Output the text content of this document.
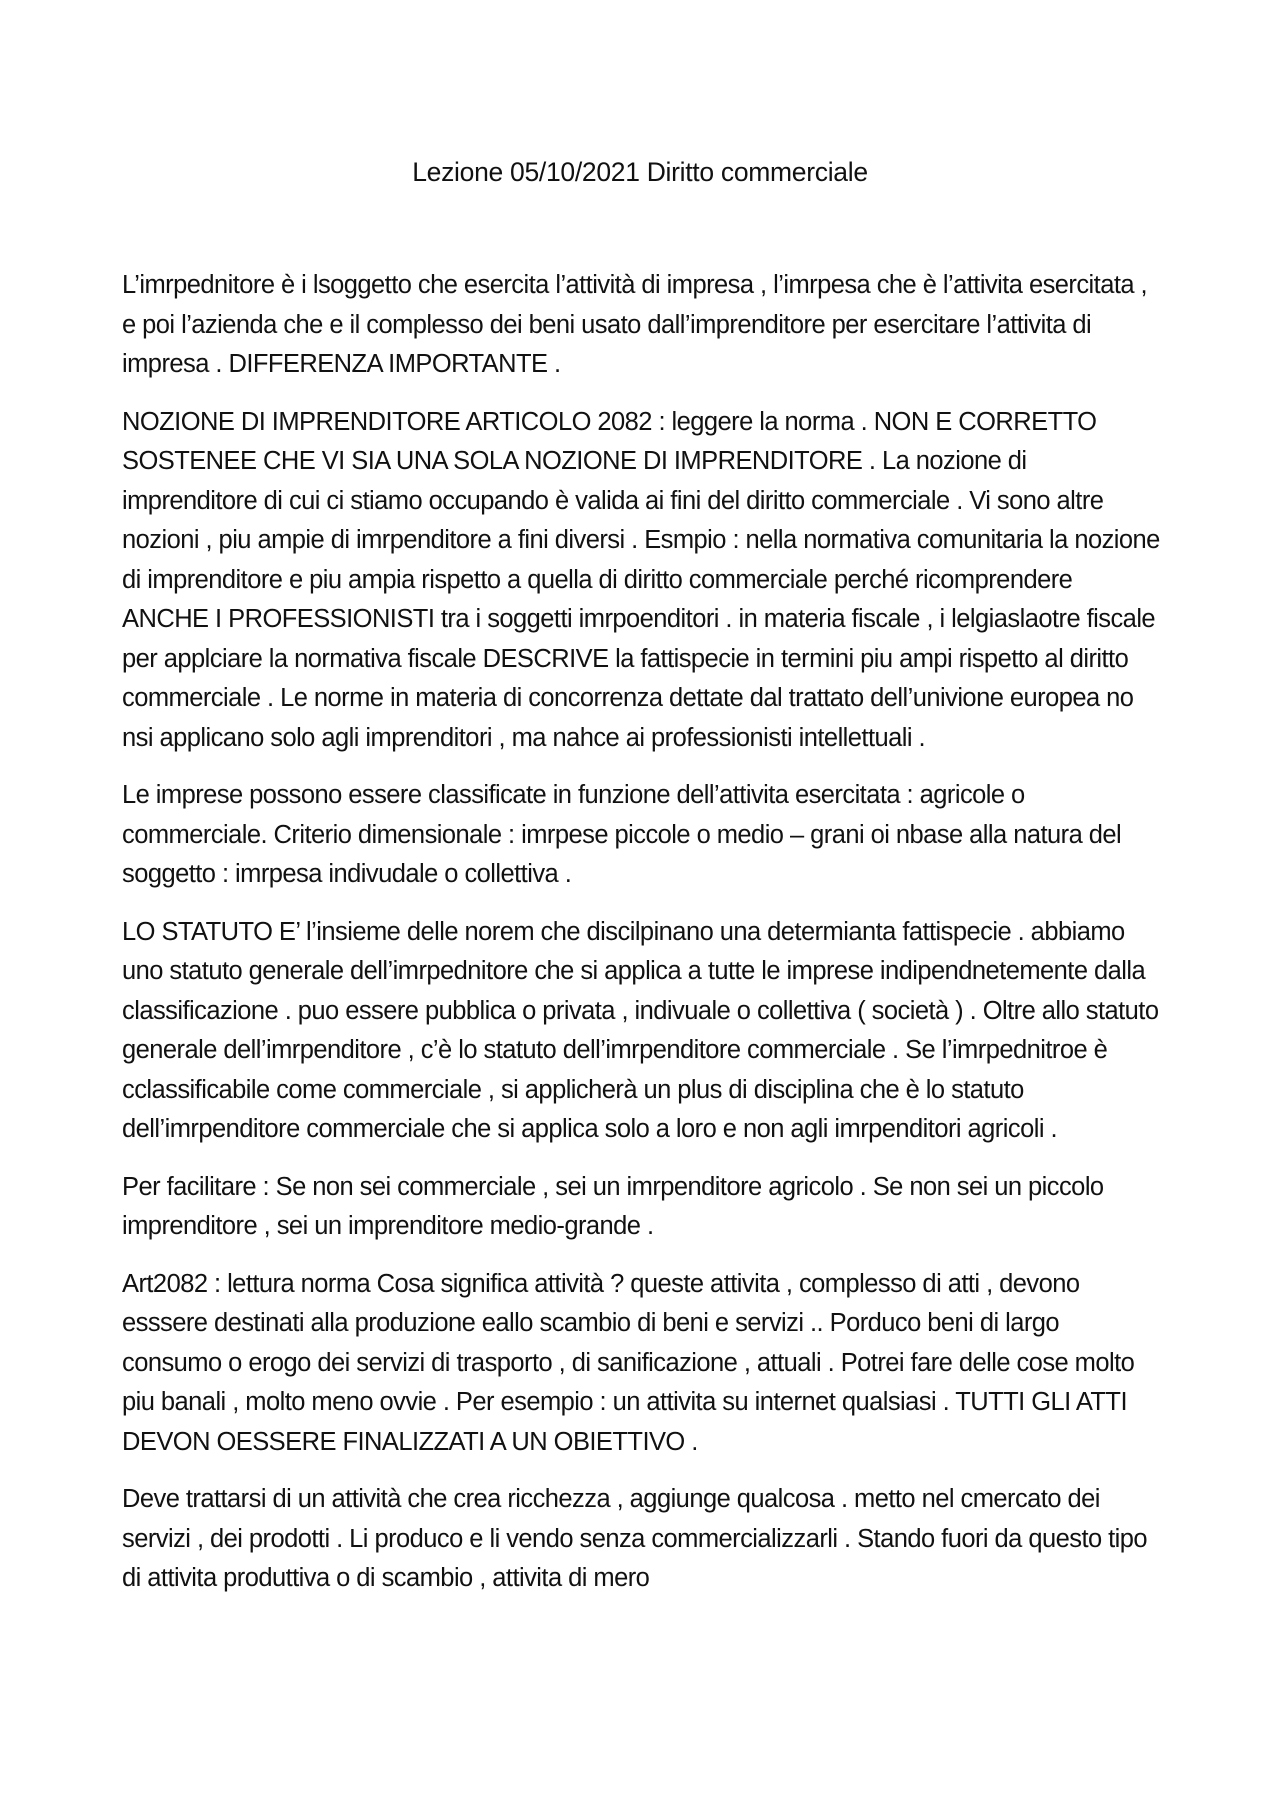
Lezione 05/10/2021 Diritto commerciale

L’imrpednitore è i lsoggetto che esercita l’attività di impresa , l’imrpesa che è l’attivita esercitata , e poi l’azienda che e il complesso dei beni usato dall’imprenditore per esercitare l’attivita di impresa . DIFFERENZA IMPORTANTE .

NOZIONE DI IMPRENDITORE ARTICOLO 2082 : leggere la norma . NON E CORRETTO SOSTENEE CHE VI SIA UNA SOLA NOZIONE DI IMPRENDITORE . La nozione di imprenditore di cui ci stiamo occupando è valida ai fini del diritto commerciale . Vi sono altre nozioni , piu ampie di imrpenditore a fini diversi . Esmpio : nella normativa comunitaria la nozione di imprenditore e piu ampia rispetto a quella di diritto commerciale perché ricomprendere ANCHE I PROFESSIONISTI tra i soggetti imrpoenditori . in materia fiscale , i lelgiaslaotre fiscale per applciare la normativa fiscale DESCRIVE la fattispecie in termini piu ampi rispetto al diritto commerciale . Le norme in materia di concorrenza dettate dal trattato dell’univione europea no nsi applicano solo agli imprenditori , ma nahce ai professionisti intellettuali .

Le imprese possono essere classificate in funzione dell’attivita esercitata : agricole o commerciale. Criterio dimensionale : imrpese piccole o medio – grani oi nbase alla natura del soggetto : imrpesa indivudale o collettiva .

LO STATUTO E’ l’insieme delle norem che discilpinano una determianta fattispecie . abbiamo uno statuto generale dell’imrpednitore che si applica a tutte le imprese indipendnetemente dalla classificazione . puo essere pubblica o privata , indivuale o collettiva ( società ) . Oltre allo statuto generale dell’imrpenditore , c’è lo statuto dell’imrpenditore commerciale . Se l’imrpednitroe è cclassificabile come commerciale , si applicherà un plus di disciplina che è lo statuto dell’imrpenditore commerciale che si applica solo a loro e non agli imrpenditori agricoli .

Per facilitare : Se non sei commerciale , sei un imrpenditore agricolo . Se non sei un piccolo imprenditore , sei un imprenditore medio-grande .

Art2082 : lettura norma Cosa significa attività ? queste attivita , complesso di atti , devono esssere destinati alla produzione eallo scambio di beni e servizi .. Porduco beni di largo consumo o erogo dei servizi di trasporto , di sanificazione , attuali . Potrei fare delle cose molto piu banali , molto meno ovvie . Per esempio : un attivita su internet qualsiasi . TUTTI GLI ATTI DEVON OESSERE FINALIZZATI A UN OBIETTIVO .

Deve trattarsi di un attività che crea ricchezza , aggiunge qualcosa . metto nel cmercato dei servizi , dei prodotti . Li produco e li vendo senza commercializzarli . Stando fuori da questo tipo di attivita produttiva o di scambio , attivita di mero
